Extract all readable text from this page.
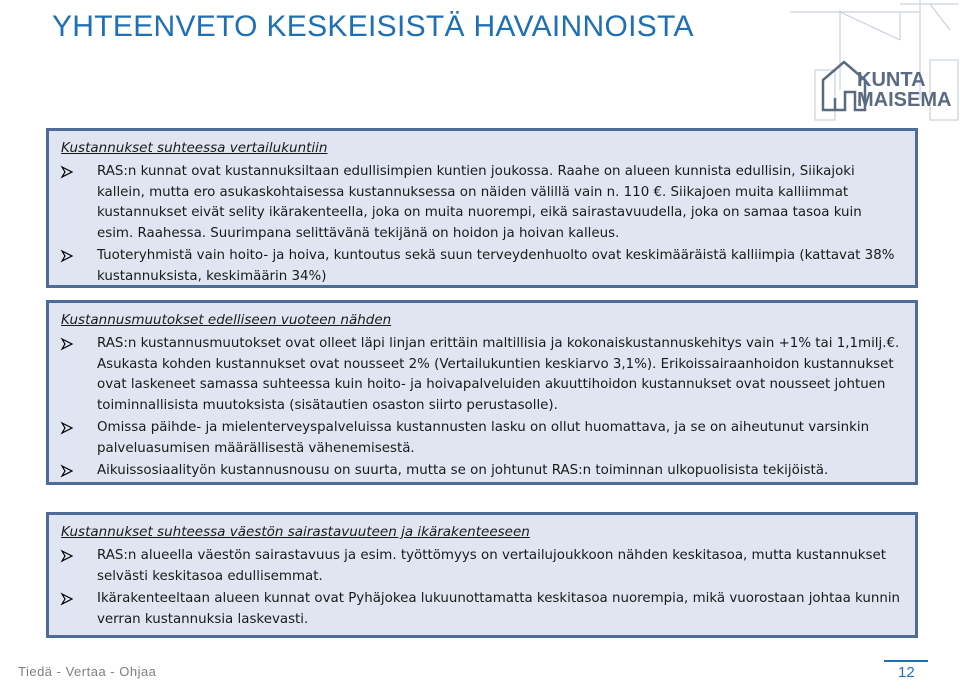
YHTEENVETO KESKEISISTÄ HAVAINNOISTA
KUNTA
MAISEMA
Kustannukset suhteessa vertailukuntiin
RAS:n kunnat ovat kustannuksiltaan edullisimpien kuntien joukossa. Raahe on alueen kunnista edullisin, Siikajoki kallein, mutta ero asukaskohtaisessa kustannuksessa on näiden välillä vain n. 110 €. Siikajoen muita kalliimmat kustannukset eivät selity ikärakenteella, joka on muita nuorempi, eikä sairastavuudella, joka on samaa tasoa kuin esim. Raahessa. Suurimpana selittävänä tekijänä on hoidon ja hoivan kalleus.
Tuoteryhmistä vain hoito- ja hoiva, kuntoutus sekä suun terveydenhuolto ovat keskimääräistä kalliimpia (kattavat 38% kustannuksista, keskimäärin 34%)
Kustannusmuutokset edelliseen vuoteen nähden
RAS:n kustannusmuutokset ovat olleet läpi linjan erittäin maltillisia ja kokonaiskustannuskehitys vain +1% tai 1,1milj.€. Asukasta kohden kustannukset ovat nousseet 2% (Vertailukuntien keskiarvo 3,1%). Erikoissairaanhoidon kustannukset ovat laskeneet samassa suhteessa kuin hoito- ja hoivapalveluiden akuuttihoidon kustannukset ovat nousseet johtuen toiminnallisista muutoksista (sisätautien osaston siirto perustasolle).
Omissa päihde- ja mielenterveyspalveluissa kustannusten lasku on ollut huomattava, ja se on aiheutunut varsinkin palveluasumisen määrällisestä vähenemisestä.
Aikuissosiaalityön kustannusnousu on suurta, mutta se on johtunut RAS:n toiminnan ulkopuolisista tekijöistä.
Kustannukset suhteessa väestön sairastavuuteen ja ikärakenteeseen
RAS:n alueella väestön sairastavuus ja esim. työttömyys on vertailujoukkoon nähden keskitasoa, mutta kustannukset selvästi keskitasoa edullisemmat.
Ikärakenteeltaan alueen kunnat ovat Pyhäjokea lukuunottamatta keskitasoa nuorempia, mikä vuorostaan johtaa kunnin verran kustannuksia laskevasti.
Tiedä - Vertaa - Ohjaa	12
